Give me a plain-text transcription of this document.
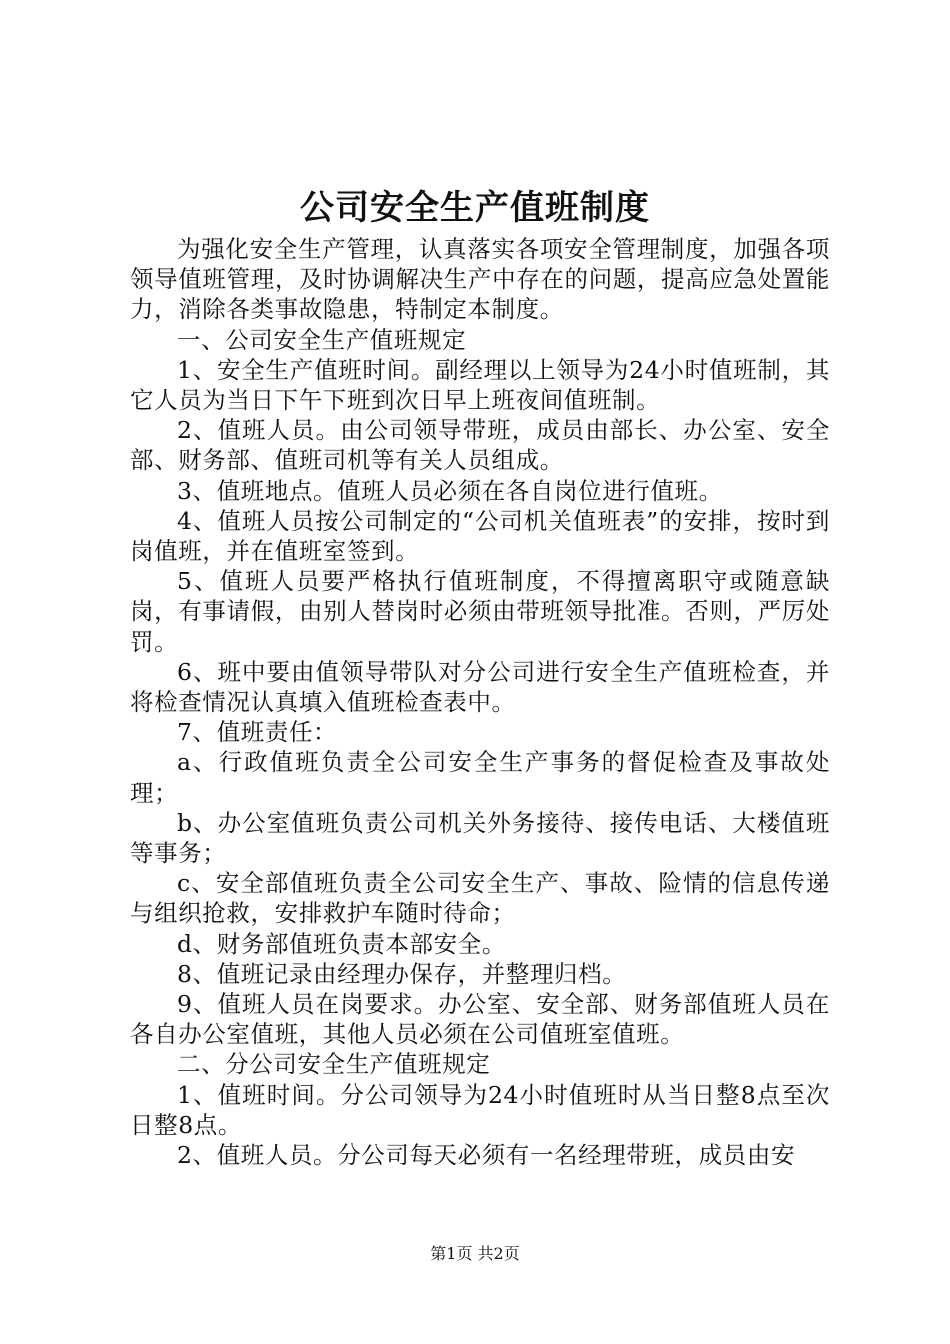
公司安全生产值班制度

为强化安全生产管理，认真落实各项安全管理制度，加强各项领导值班管理，及时协调解决生产中存在的问题，提高应急处置能力，消除各类事故隐患，特制定本制度。

一、公司安全生产值班规定

1、安全生产值班时间。副经理以上领导为24小时值班制，其它人员为当日下午下班到次日早上班夜间值班制。

2、值班人员。由公司领导带班，成员由部长、办公室、安全部、财务部、值班司机等有关人员组成。

3、值班地点。值班人员必须在各自岗位进行值班。

4、值班人员按公司制定的“公司机关值班表”的安排，按时到岗值班，并在值班室签到。

5、值班人员要严格执行值班制度，不得擅离职守或随意缺岗，有事请假，由别人替岗时必须由带班领导批准。否则，严厉处罚。

6、班中要由值领导带队对分公司进行安全生产值班检查，并将检查情况认真填入值班检查表中。

7、值班责任：

a、行政值班负责全公司安全生产事务的督促检查及事故处理；

b、办公室值班负责公司机关外务接待、接传电话、大楼值班等事务；

c、安全部值班负责全公司安全生产、事故、险情的信息传递与组织抢救，安排救护车随时待命；

d、财务部值班负责本部安全。

8、值班记录由经理办保存，并整理归档。

9、值班人员在岗要求。办公室、安全部、财务部值班人员在各自办公室值班，其他人员必须在公司值班室值班。

二、分公司安全生产值班规定

1、值班时间。分公司领导为24小时值班时从当日整8点至次日整8点。

2、值班人员。分公司每天必须有一名经理带班，成员由安

第1页 共2页
